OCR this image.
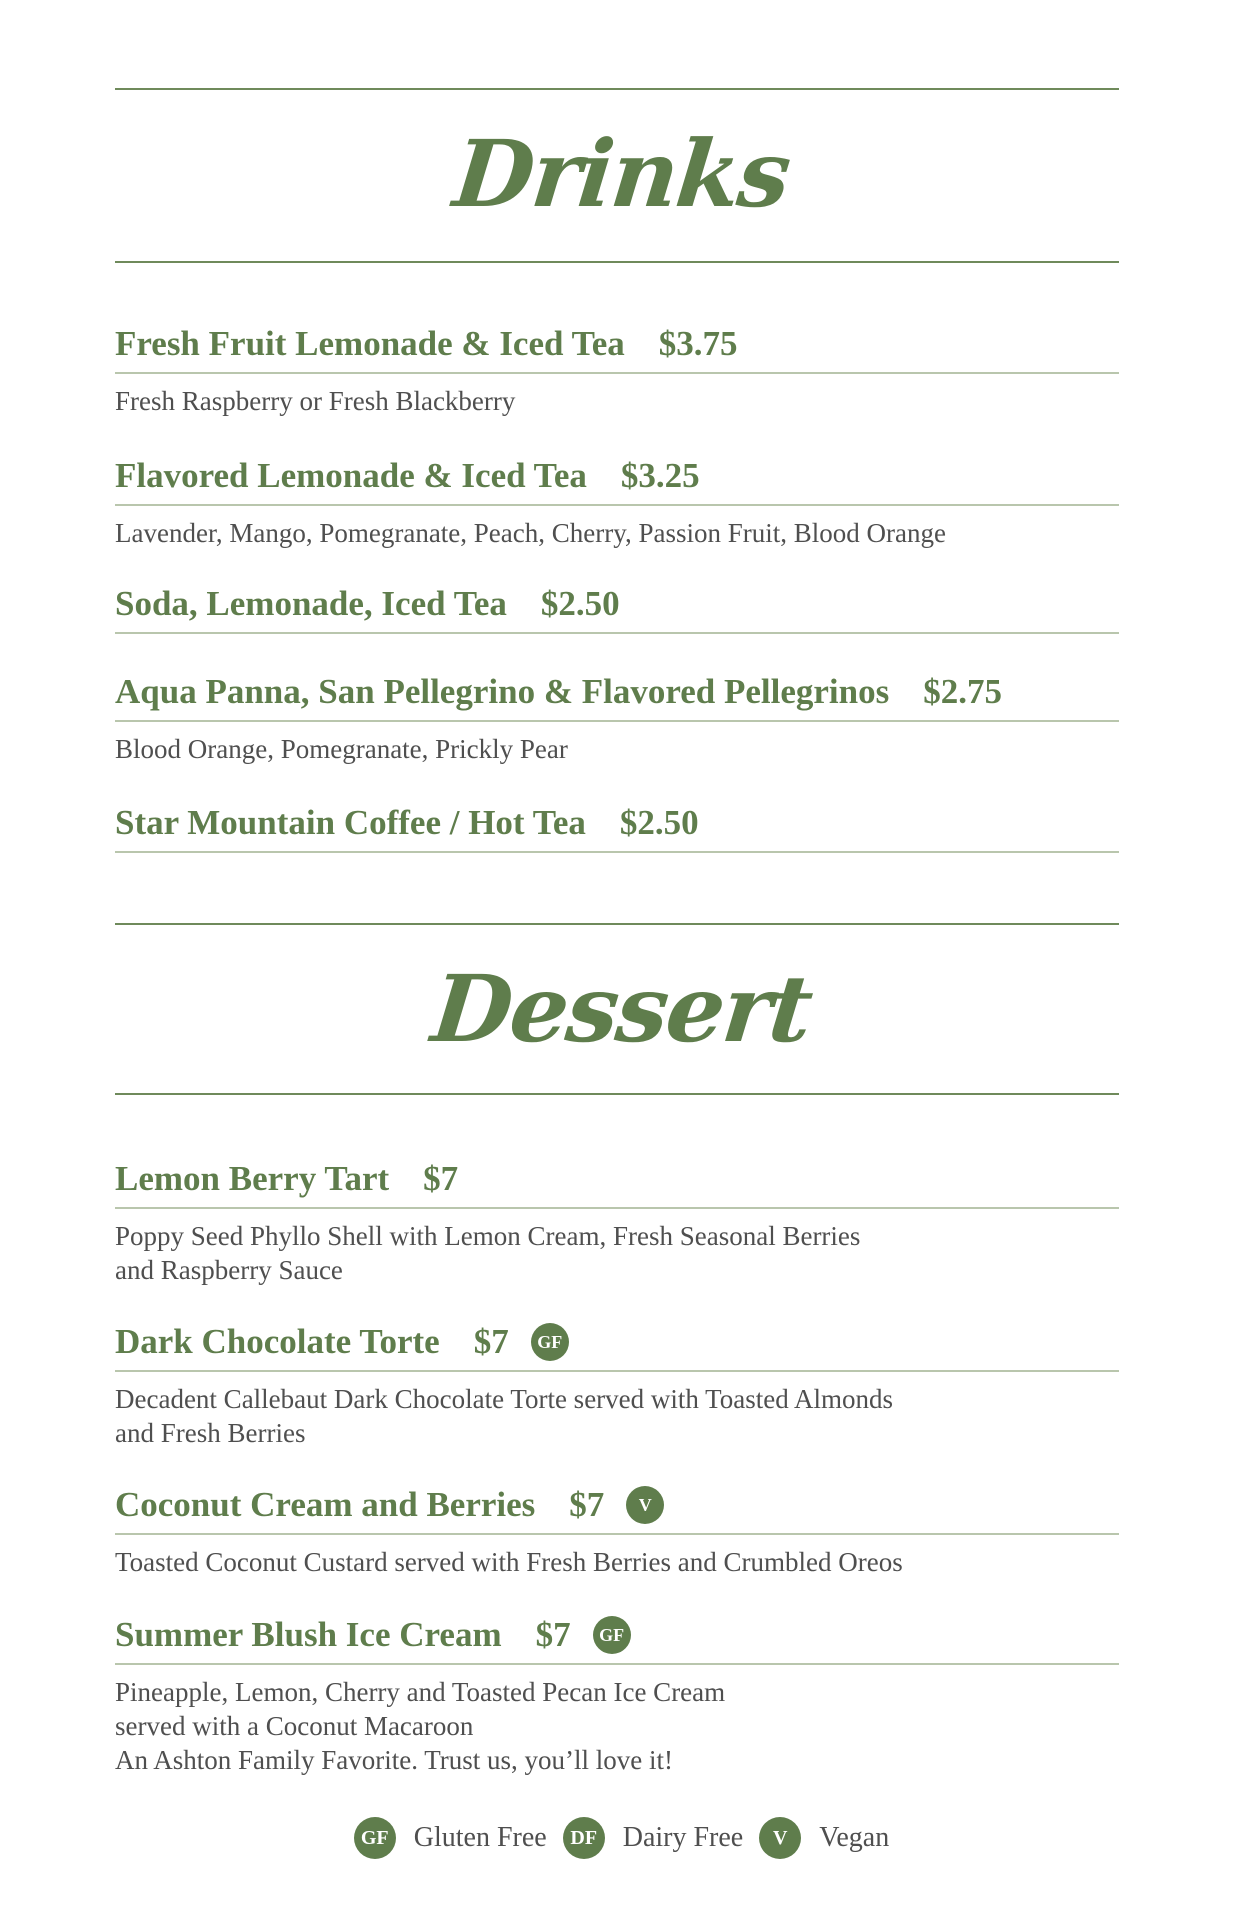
Drinks
Fresh Fruit Lemonade & Iced Tea $3.75
Fresh Raspberry or Fresh Blackberry
Flavored Lemonade & Iced Tea $3.25
Lavender, Mango, Pomegranate, Peach, Cherry, Passion Fruit, Blood Orange
Soda, Lemonade, Iced Tea $2.50
Aqua Panna, San Pellegrino & Flavored Pellegrinos $2.75
Blood Orange, Pomegranate, Prickly Pear
Star Mountain Coffee / Hot Tea $2.50
Dessert
Lemon Berry Tart $7
Poppy Seed Phyllo Shell with Lemon Cream, Fresh Seasonal Berries
and Raspberry Sauce
Dark Chocolate Torte $7	GF
Decadent Callebaut Dark Chocolate Torte served with Toasted Almonds
and Fresh Berries
Coconut Cream and Berries $7	V
Toasted Coconut Custard served with Fresh Berries and Crumbled Oreos
Summer Blush Ice Cream $7	GF
Pineapple, Lemon, Cherry and Toasted Pecan Ice Cream
served with a Coconut Macaroon
An Ashton Family Favorite. Trust us, you’ll love it!
GF Gluten Free	DF Dairy Free	V	Vegan
